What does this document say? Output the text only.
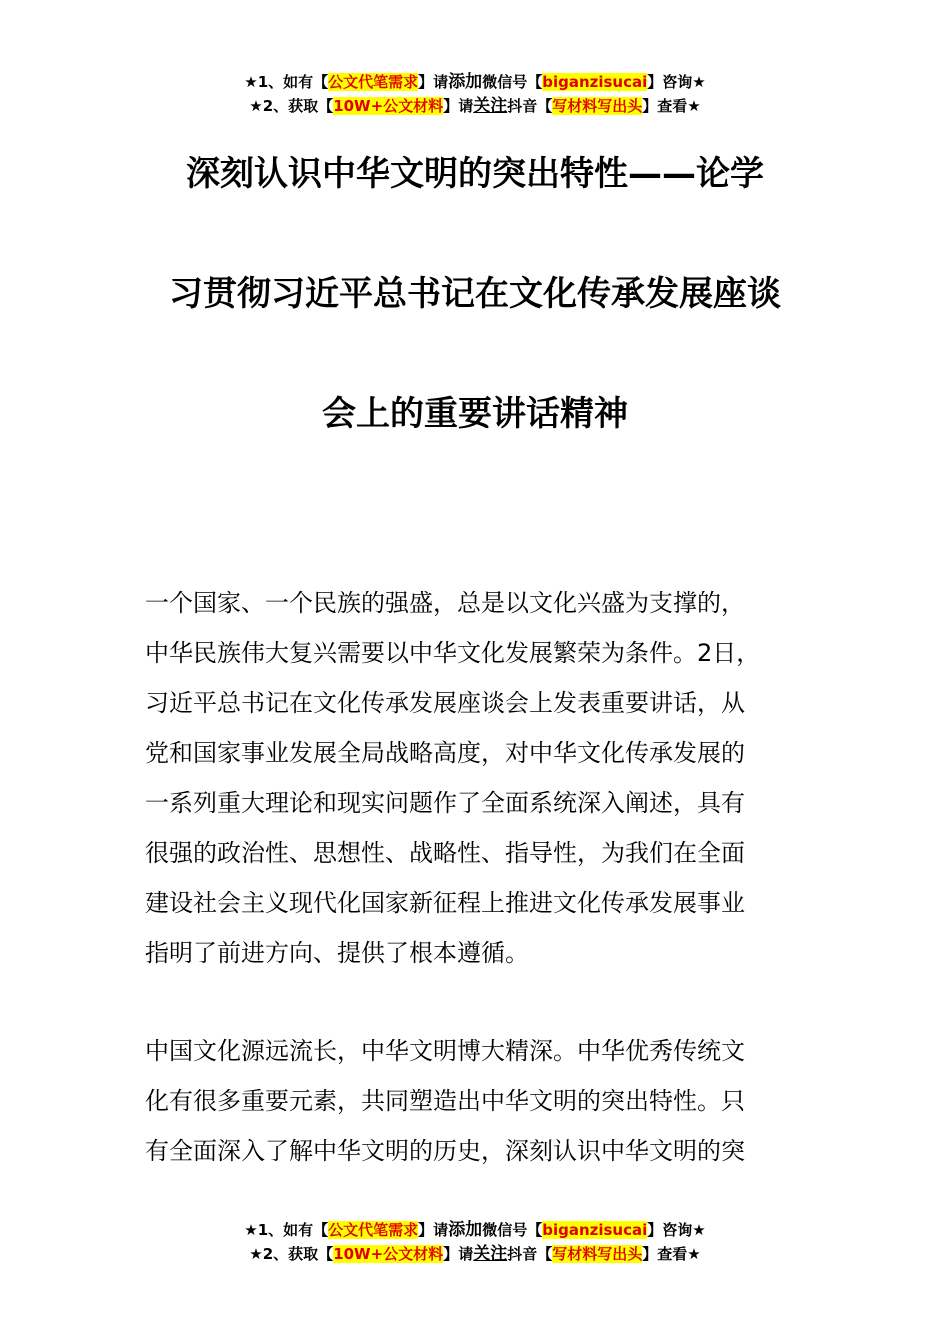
★1、如有【公文代笔需求】请添加微信号【biganzisucai】咨询★
★2、获取【10W+公文材料】请关注抖音【写材料写出头】查看★
深刻认识中华文明的突出特性——论学
习贯彻习近平总书记在文化传承发展座谈
会上的重要讲话精神

一个国家、一个民族的强盛，总是以文化兴盛为支撑的，
中华民族伟大复兴需要以中华文化发展繁荣为条件。2日，
习近平总书记在文化传承发展座谈会上发表重要讲话，从
党和国家事业发展全局战略高度，对中华文化传承发展的
一系列重大理论和现实问题作了全面系统深入阐述，具有
很强的政治性、思想性、战略性、指导性，为我们在全面
建设社会主义现代化国家新征程上推进文化传承发展事业
指明了前进方向、提供了根本遵循。

中国文化源远流长，中华文明博大精深。中华优秀传统文
化有很多重要元素，共同塑造出中华文明的突出特性。只
有全面深入了解中华文明的历史，深刻认识中华文明的突

★1、如有【公文代笔需求】请添加微信号【biganzisucai】咨询★
★2、获取【10W+公文材料】请关注抖音【写材料写出头】查看★
